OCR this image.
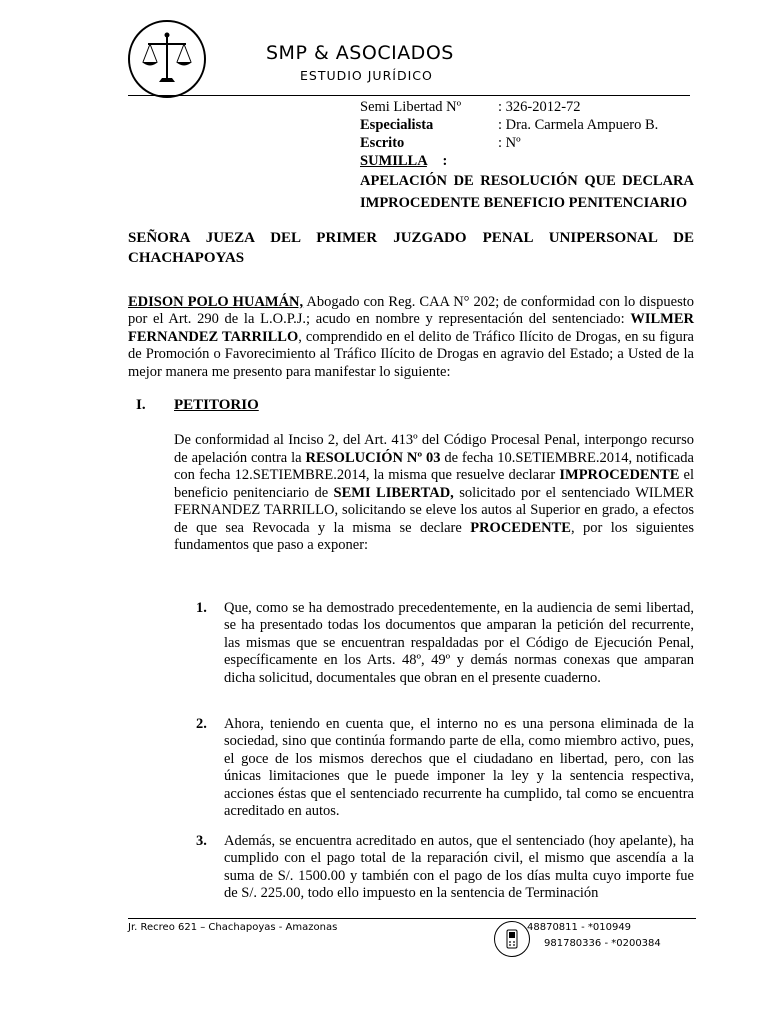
SMP & ASOCIADOS
ESTUDIO JURÍDICO
Semi Libertad Nº	: 326-2012-72
Especialista	: Dra. Carmela Ampuero B.
Escrito	: Nº
SUMILLA :
APELACIÓN DE RESOLUCIÓN QUE DECLARA IMPROCEDENTE BENEFICIO PENITENCIARIO
SEÑORA JUEZA DEL PRIMER JUZGADO PENAL UNIPERSONAL DE CHACHAPOYAS
EDISON POLO HUAMÁN, Abogado con Reg. CAA N° 202; de conformidad con lo dispuesto por el Art. 290 de la L.O.P.J.; acudo en nombre y representación del sentenciado: WILMER FERNANDEZ TARRILLO, comprendido en el delito de Tráfico Ilícito de Drogas, en su figura de Promoción o Favorecimiento al Tráfico Ilícito de Drogas en agravio del Estado; a Usted de la mejor manera me presento para manifestar lo siguiente:
I. PETITORIO
De conformidad al Inciso 2, del Art. 413º del Código Procesal Penal, interpongo recurso de apelación contra la RESOLUCIÓN Nº 03 de fecha 10.SETIEMBRE.2014, notificada con fecha 12.SETIEMBRE.2014, la misma que resuelve declarar IMPROCEDENTE el beneficio penitenciario de SEMI LIBERTAD, solicitado por el sentenciado WILMER FERNANDEZ TARRILLO, solicitando se eleve los autos al Superior en grado, a efectos de que sea Revocada y la misma se declare PROCEDENTE, por los siguientes fundamentos que paso a exponer:
1. Que, como se ha demostrado precedentemente, en la audiencia de semi libertad, se ha presentado todas los documentos que amparan la petición del recurrente, las mismas que se encuentran respaldadas por el Código de Ejecución Penal, específicamente en los Arts. 48º, 49º y demás normas conexas que amparan dicha solicitud, documentales que obran en el presente cuaderno.
2. Ahora, teniendo en cuenta que, el interno no es una persona eliminada de la sociedad, sino que continúa formando parte de ella, como miembro activo, pues, el goce de los mismos derechos que el ciudadano en libertad, pero, con las únicas limitaciones que le puede imponer la ley y la sentencia respectiva, acciones éstas que el sentenciado recurrente ha cumplido, tal como se encuentra acreditado en autos.
3. Además, se encuentra acreditado en autos, que el sentenciado (hoy apelante), ha cumplido con el pago total de la reparación civil, el mismo que ascendía a la suma de S/. 1500.00 y también con el pago de los días multa cuyo importe fue de S/. 225.00, todo ello impuesto en la sentencia de Terminación
Jr. Recreo 621 – Chachapoyas - Amazonas	48870811 - *010949
981780336 - *0200384
